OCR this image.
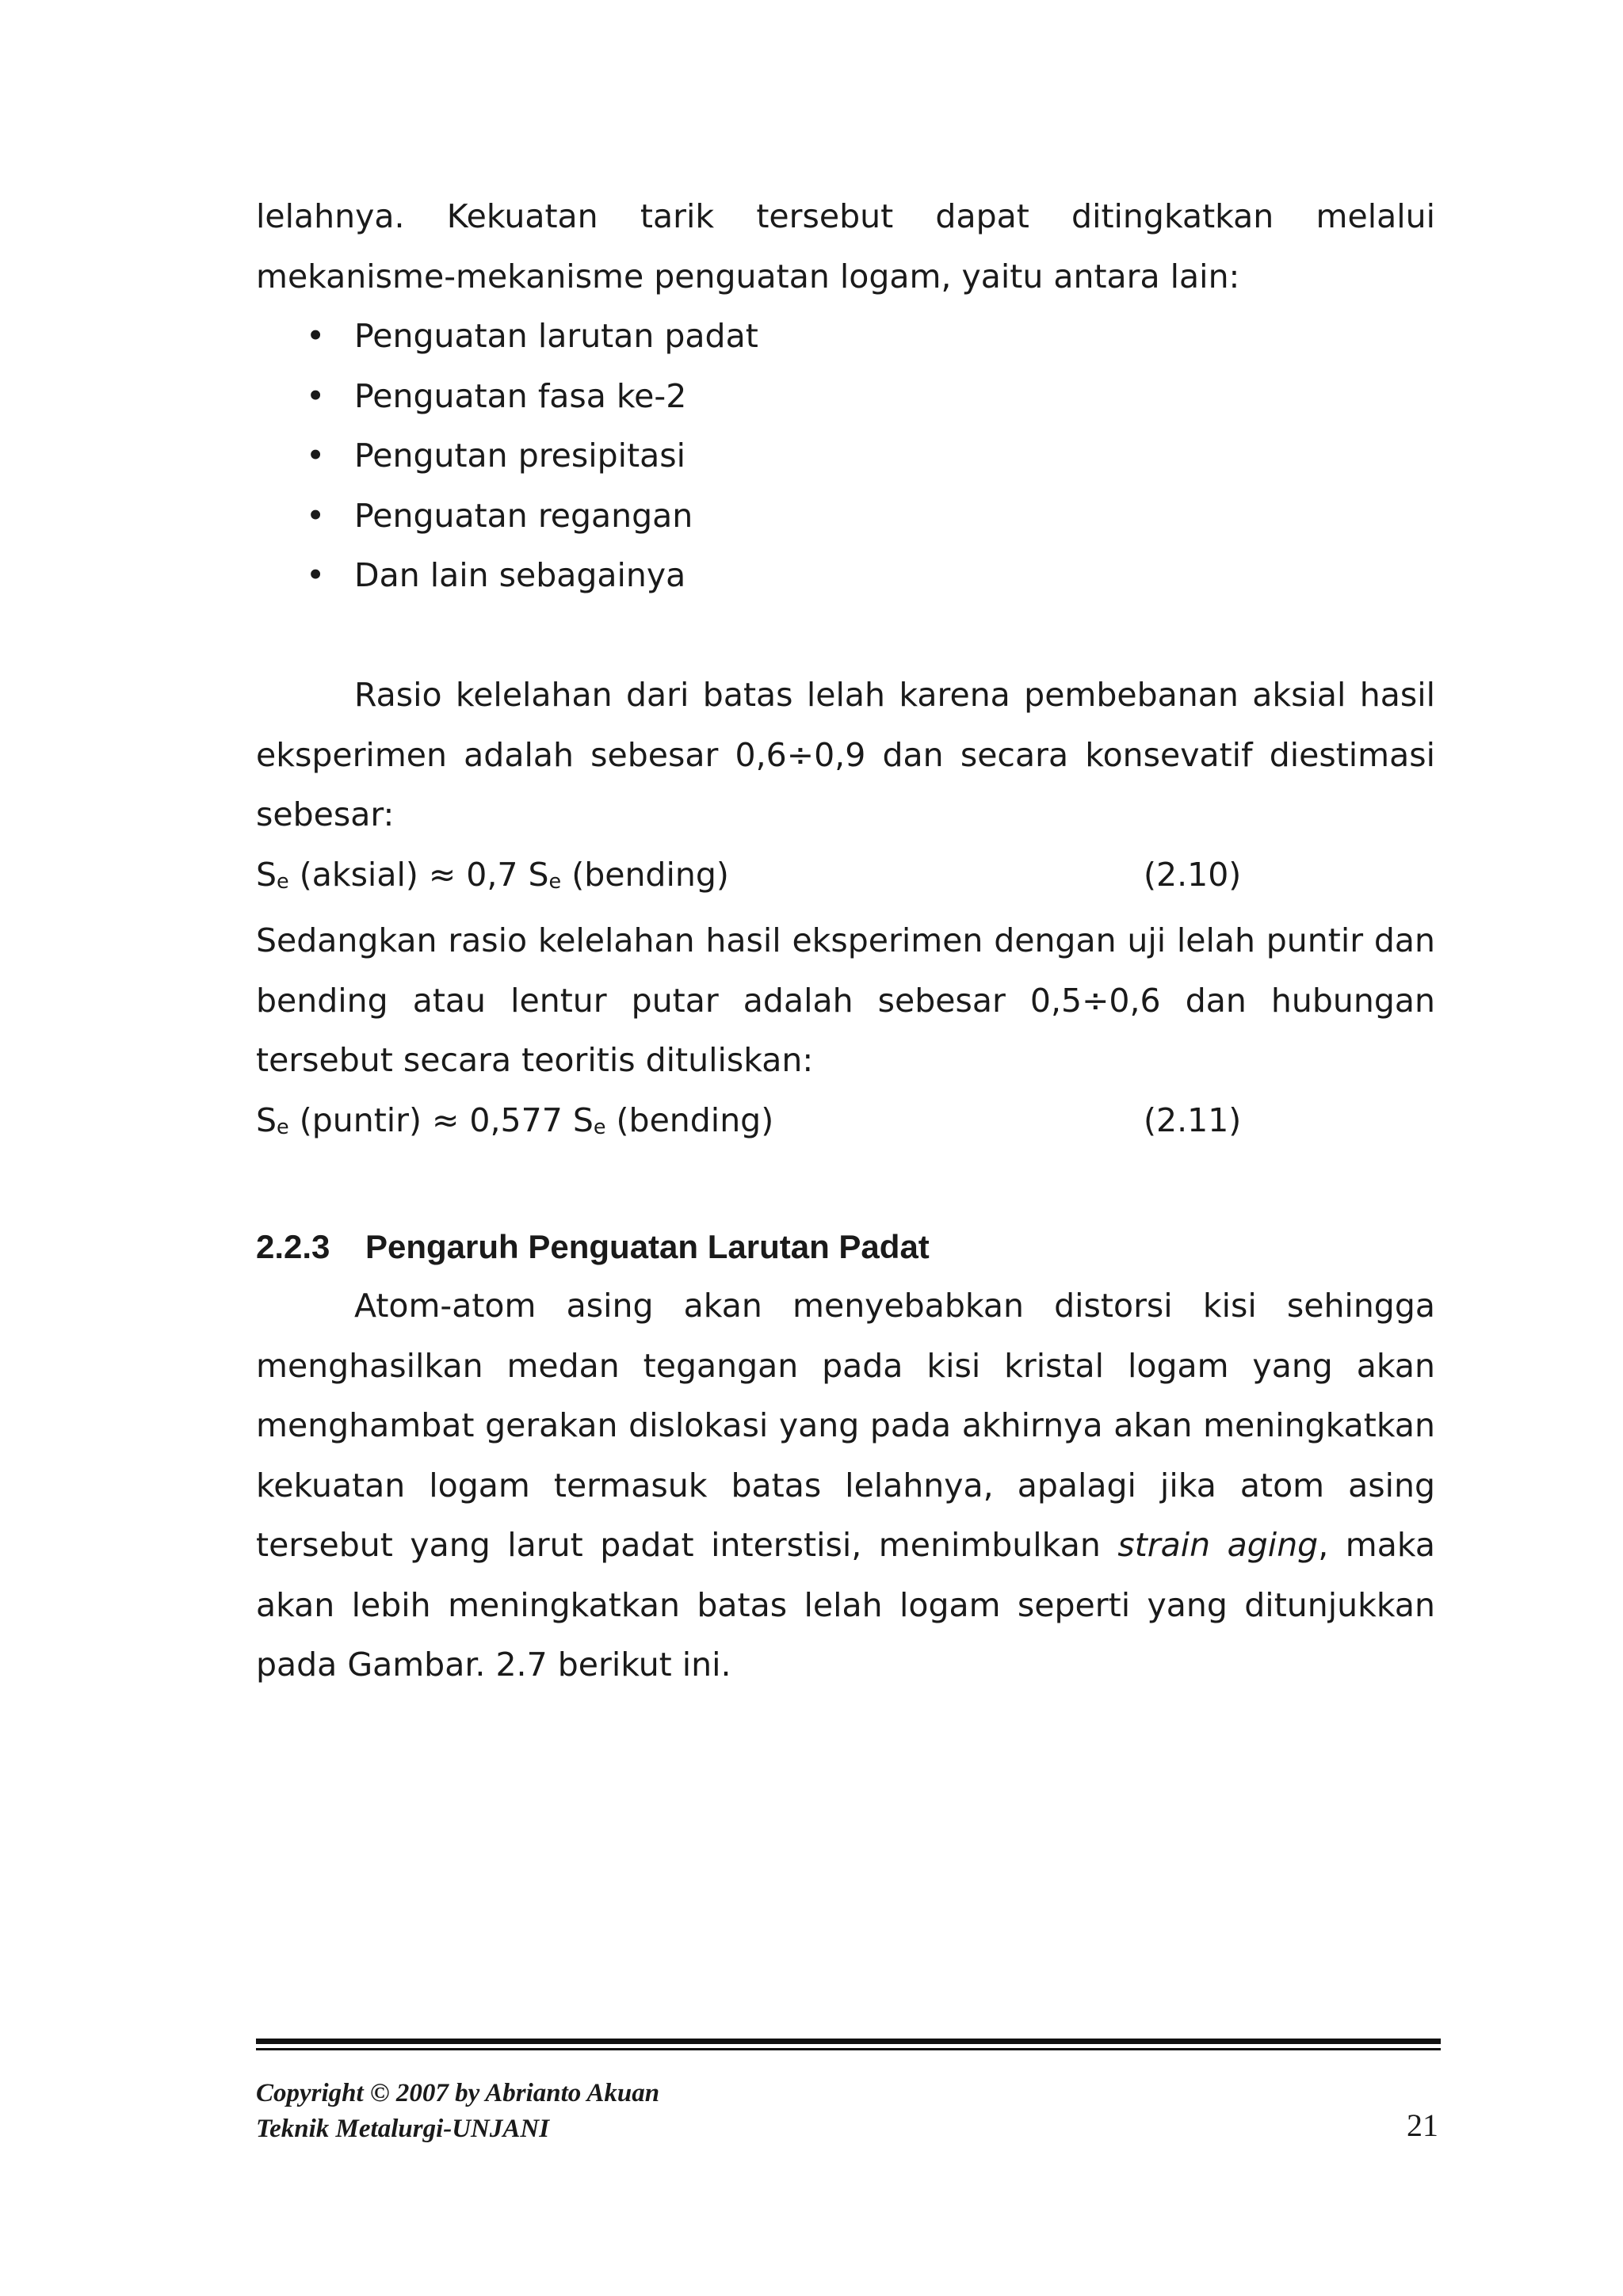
lelahnya. Kekuatan tarik tersebut dapat ditingkatkan melalui

mekanisme-mekanisme penguatan logam, yaitu antara lain:

• Penguatan larutan padat
• Penguatan fasa ke-2
• Pengutan presipitasi
• Penguatan regangan
• Dan lain sebagainya

Rasio kelelahan dari batas lelah karena pembebanan aksial hasil eksperimen adalah sebesar 0,6÷0,9 dan secara konsevatif diestimasi sebesar:

$S_e$ (aksial) ≈ 0,7 $S_e$ (bending)	(2.10)

Sedangkan rasio kelelahan hasil eksperimen dengan uji lelah puntir dan bending atau lentur putar adalah sebesar 0,5÷0,6 dan hubungan tersebut secara teoritis dituliskan:

$S_e$ (puntir) ≈ 0,577 $S_e$ (bending)	(2.11)
2.2.3 Pengaruh Penguatan Larutan Padat

Atom-atom asing akan menyebabkan distorsi kisi sehingga menghasilkan medan tegangan pada kisi kristal logam yang akan menghambat gerakan dislokasi yang pada akhirnya akan meningkatkan kekuatan logam termasuk batas lelahnya, apalagi jika atom asing tersebut yang larut padat interstisi, menimbulkan strain aging, maka akan lebih meningkatkan batas lelah logam seperti yang ditunjukkan pada Gambar. 2.7 berikut ini.

Copyright © 2007 by Abrianto Akuan
Teknik Metalurgi-UNJANI	21
